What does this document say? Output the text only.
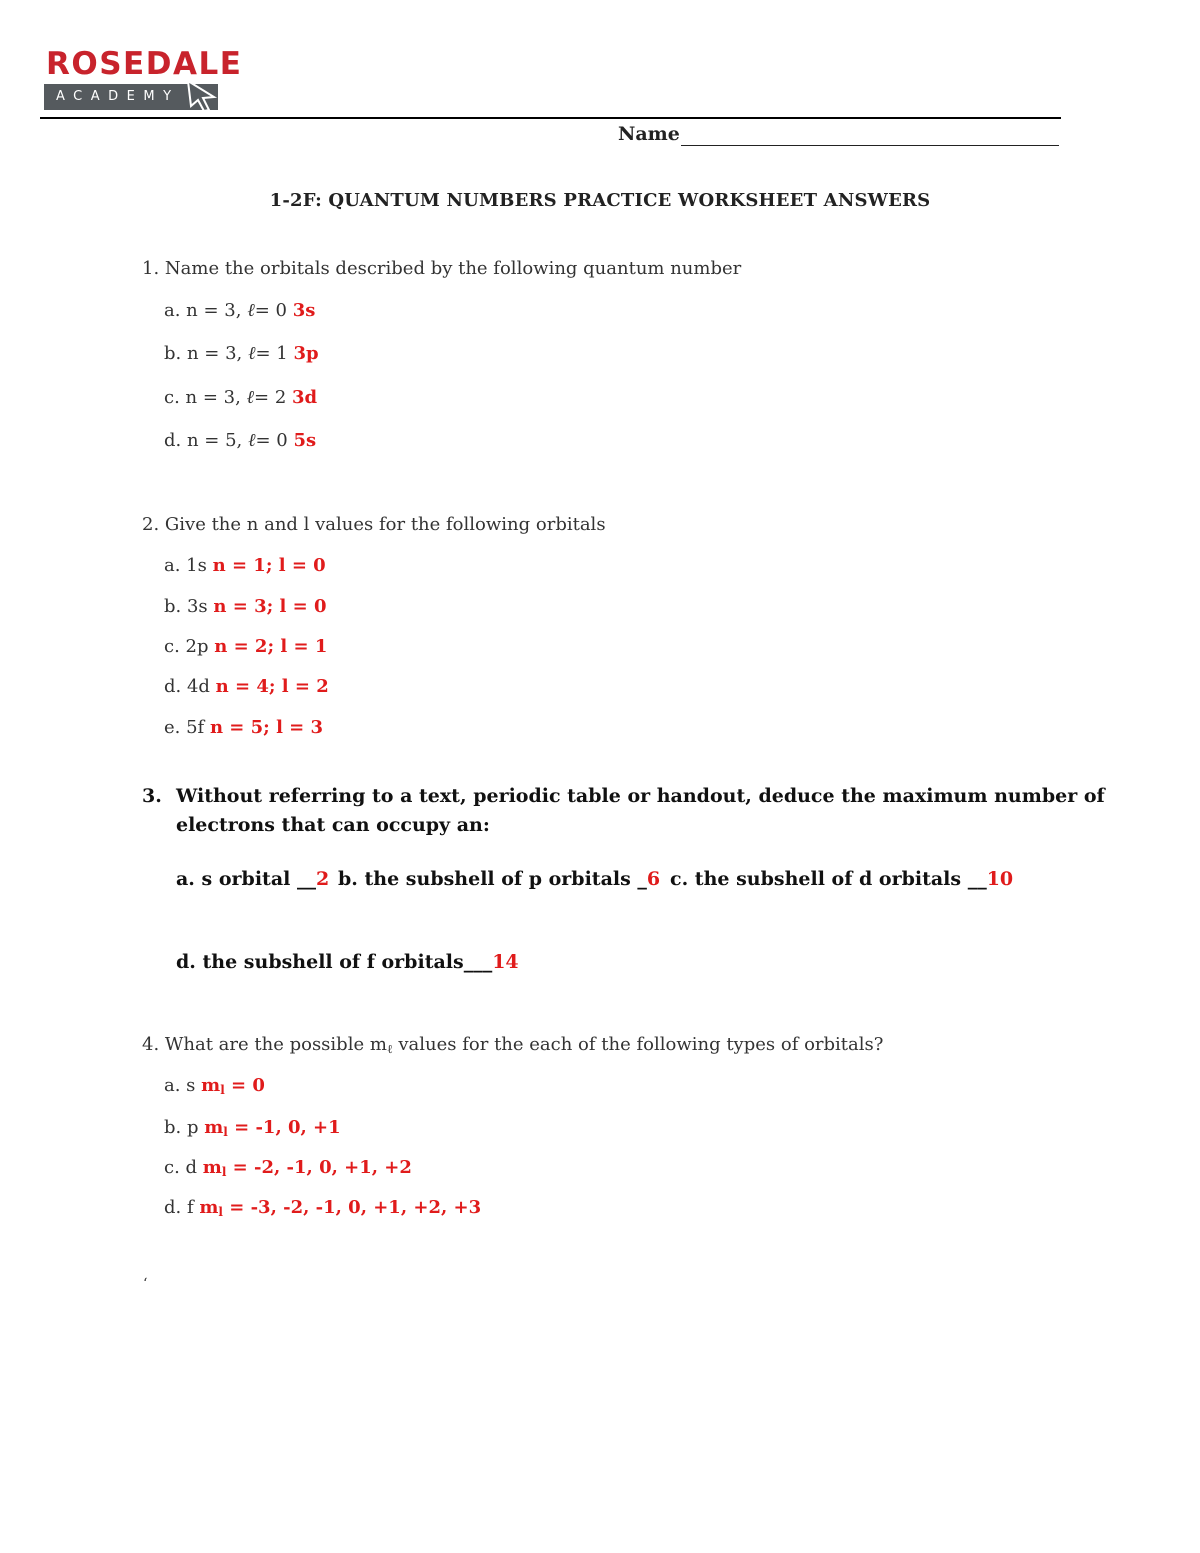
ROSEDALE
ACADEMY
Name
1-2F: QUANTUM NUMBERS PRACTICE WORKSHEET ANSWERS
1. Name the orbitals described by the following quantum number
a. n = 3, ℓ= 0 3s
b. n = 3, ℓ= 1 3p
c. n = 3, ℓ= 2 3d
d. n = 5, ℓ= 0 5s
2. Give the n and l values for the following orbitals
a. 1s n = 1; l = 0
b. 3s n = 3; l = 0
c. 2p n = 2; l = 1
d. 4d n = 4; l = 2
e. 5f n = 5; l = 3
3. Without referring to a text, periodic table or handout, deduce the maximum number of
electrons that can occupy an:
a. s orbital __2 b. the subshell of p orbitals _6 c. the subshell of d orbitals __10
d. the subshell of f orbitals___14
4. What are the possible $m_\ell$ values for the each of the following types of orbitals?
a. s $m_l = 0$
b. p $m_l = -1$, 0, +1
c. d $m_l = -2$, -1, 0, +1, +2
d. f $m_l = -3$, -2, -1, 0, +1, +2, +3
‘
